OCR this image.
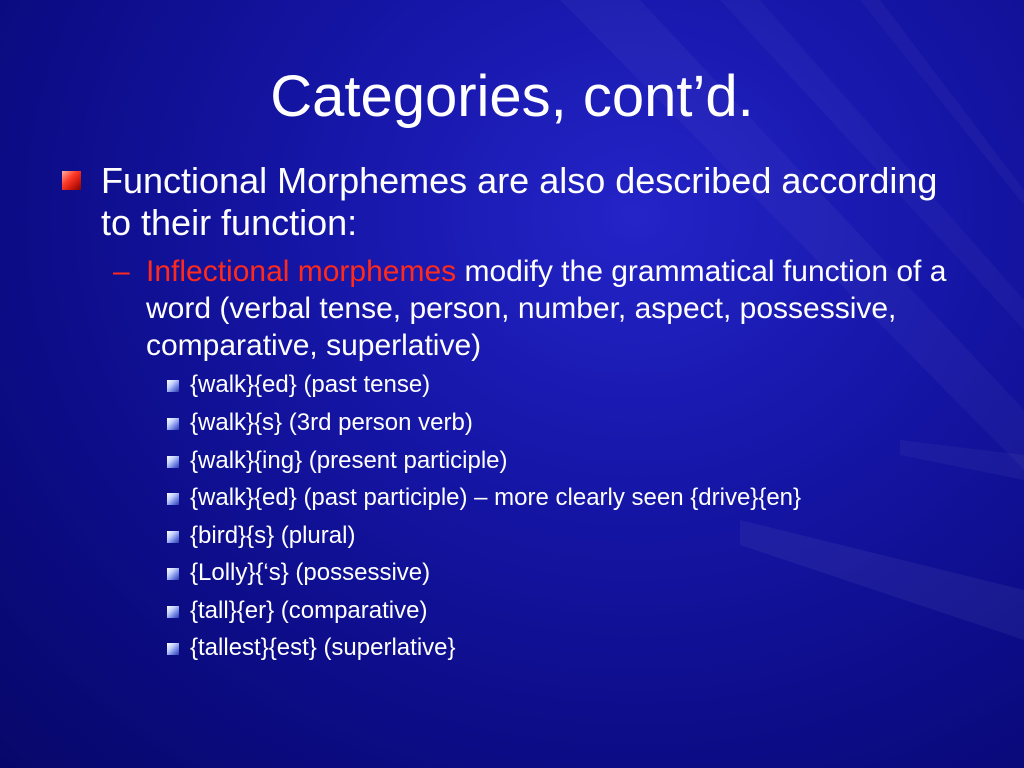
Categories, cont’d.
Functional Morphemes are also described according to their function:
– Inflectional morphemes modify the grammatical function of a word (verbal tense, person, number, aspect, possessive, comparative, superlative)
{walk}{ed} (past tense)
{walk}{s} (3rd person verb)
{walk}{ing} (present participle)
{walk}{ed} (past participle) – more clearly seen {drive}{en}
{bird}{s} (plural)
{Lolly}{‘s} (possessive)
{tall}{er} (comparative)
{tallest}{est} (superlative}
